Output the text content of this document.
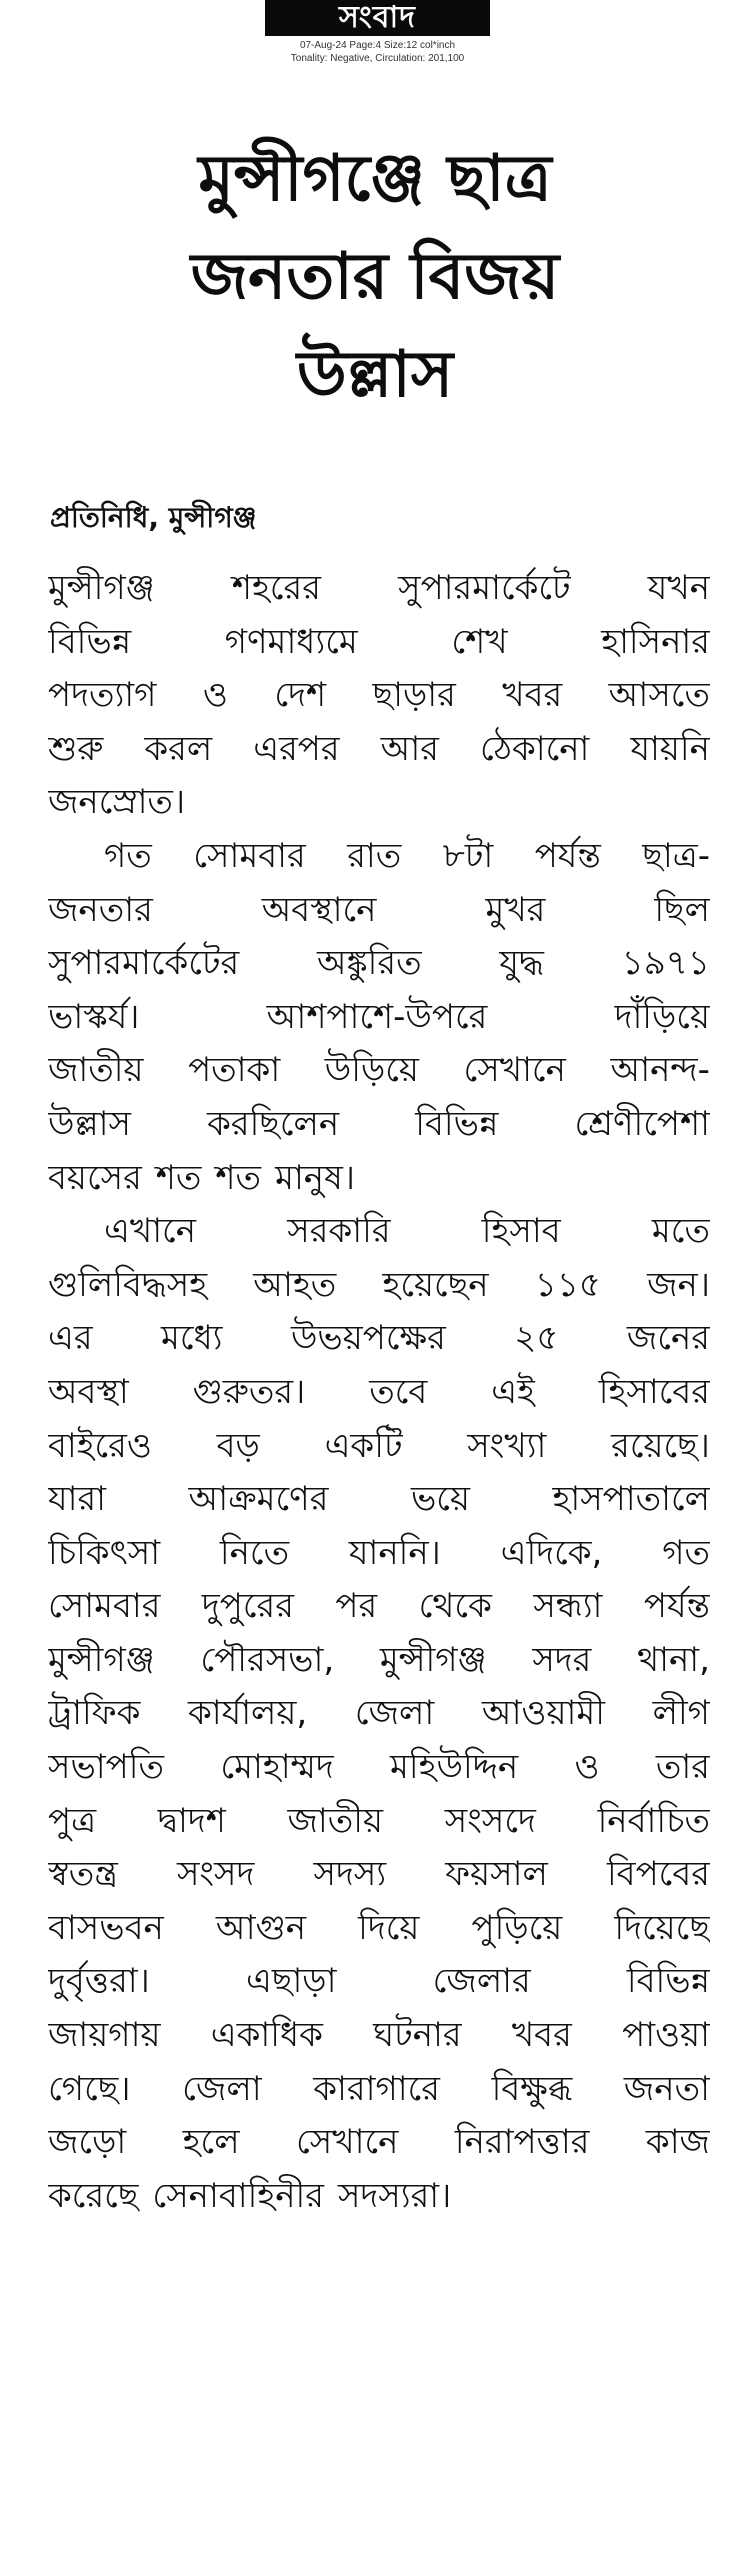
সংবাদ
07-Aug-24 Page:4 Size:12 col*inch
Tonality: Negative, Circulation: 201,100
মুন্সীগঞ্জে ছাত্র
জনতার বিজয়
উল্লাস
প্রতিনিধি, মুন্সীগঞ্জ
মুন্সীগঞ্জ শহরের সুপারমার্কেটে যখন
বিভিন্ন	গণমাধ্যমে	শেখ	হাসিনার
পদত্যাগ ও দেশ ছাড়ার খবর আসতে
শুরু করল এরপর আর ঠেকানো যায়নি
জনস্রোত।
গত সোমবার রাত ৮টা পর্যন্ত ছাত্র-
জনতার	অবস্থানে	মুখর	ছিল
সুপারমার্কেটের অঙ্কুরিত যুদ্ধ ১৯৭১
ভাস্কর্য।	আশপাশে-উপরে	দাঁড়িয়ে
জাতীয় পতাকা উড়িয়ে সেখানে আনন্দ-
উল্লাস করছিলেন বিভিন্ন শ্রেণীপেশা
বয়সের শত শত মানুষ।
এখানে	সরকারি	হিসাব	মতে
গুলিবিদ্ধসহ আহত হয়েছেন ১১৫ জন।
এর মধ্যে উভয়পক্ষের ২৫ জনের
অবস্থা গুরুতর। তবে এই হিসাবের
বাইরেও বড় একটি সংখ্যা রয়েছে।
যারা আক্রমণের ভয়ে হাসপাতালে
চিকিৎসা নিতে যাননি। এদিকে, গত
সোমবার দুপুরের পর থেকে সন্ধ্যা পর্যন্ত
মুন্সীগঞ্জ পৌরসভা, মুন্সীগঞ্জ সদর থানা,
ট্রাফিক কার্যালয়, জেলা আওয়ামী লীগ
সভাপতি মোহাম্মদ মহিউদ্দিন ও তার
পুত্র দ্বাদশ জাতীয় সংসদে নির্বাচিত
স্বতন্ত্র সংসদ সদস্য ফয়সাল বিপবের
বাসভবন আগুন দিয়ে পুড়িয়ে দিয়েছে
দুর্বৃত্তরা।	এছাড়া	জেলার	বিভিন্ন
জায়গায় একাধিক ঘটনার খবর পাওয়া
গেছে। জেলা কারাগারে বিক্ষুব্ধ জনতা
জড়ো হলে সেখানে নিরাপত্তার কাজ
করেছে সেনাবাহিনীর সদস্যরা।
